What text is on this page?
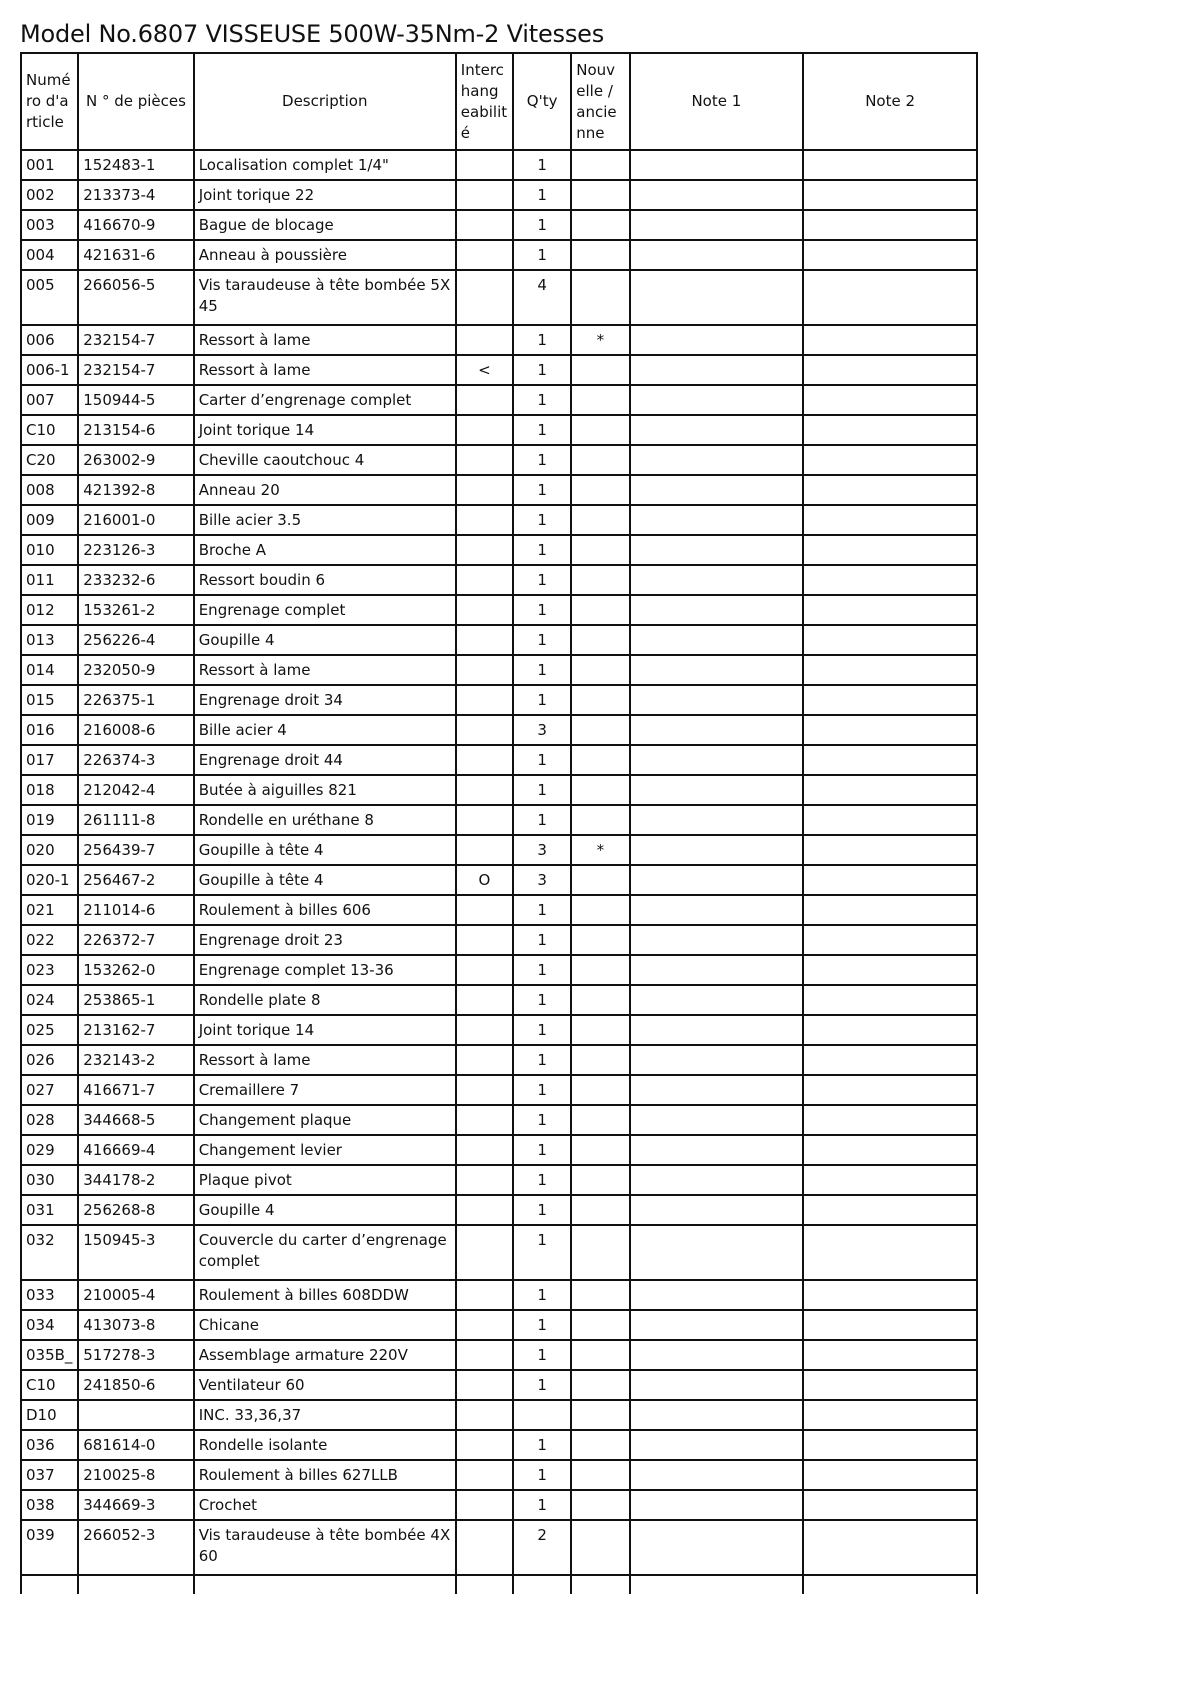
Model No.6807 VISSEUSE 500W-35Nm-2 Vitesses
Numé
ro d'a
rticle	N ° de pièces	Description	Interc
hang
eabilit
é	Q'ty	Nouv
elle /
ancie
nne	Note 1	Note 2
001	152483-1	Localisation complet 1/4"		1			
002	213373-4	Joint torique 22		1			
003	416670-9	Bague de blocage		1			
004	421631-6	Anneau à poussière		1			
005	266056-5	Vis taraudeuse à tête bombée 5X
45		4			
006	232154-7	Ressort à lame		1	*		
006-1	232154-7	Ressort à lame	<	1			
007	150944-5	Carter d’engrenage complet		1			
C10	213154-6	Joint torique 14		1			
C20	263002-9	Cheville caoutchouc 4		1			
008	421392-8	Anneau 20		1			
009	216001-0	Bille acier 3.5		1			
010	223126-3	Broche A		1			
011	233232-6	Ressort boudin 6		1			
012	153261-2	Engrenage complet		1			
013	256226-4	Goupille 4		1			
014	232050-9	Ressort à lame		1			
015	226375-1	Engrenage droit 34		1			
016	216008-6	Bille acier 4		3			
017	226374-3	Engrenage droit 44		1			
018	212042-4	Butée à aiguilles 821		1			
019	261111-8	Rondelle en uréthane 8		1			
020	256439-7	Goupille à tête 4		3	*		
020-1	256467-2	Goupille à tête 4	O	3			
021	211014-6	Roulement à billes 606		1			
022	226372-7	Engrenage droit 23		1			
023	153262-0	Engrenage complet 13-36		1			
024	253865-1	Rondelle plate 8		1			
025	213162-7	Joint torique 14		1			
026	232143-2	Ressort à lame		1			
027	416671-7	Cremaillere 7		1			
028	344668-5	Changement plaque		1			
029	416669-4	Changement levier		1			
030	344178-2	Plaque pivot		1			
031	256268-8	Goupille 4		1			
032	150945-3	Couvercle du carter d’engrenage
complet		1			
033	210005-4	Roulement à billes 608DDW		1			
034	413073-8	Chicane		1			
035B_	517278-3	Assemblage armature 220V		1			
C10	241850-6	Ventilateur 60		1			
D10		INC. 33,36,37					
036	681614-0	Rondelle isolante		1			
037	210025-8	Roulement à billes 627LLB		1			
038	344669-3	Crochet		1			
039	266052-3	Vis taraudeuse à tête bombée 4X
60		2			
